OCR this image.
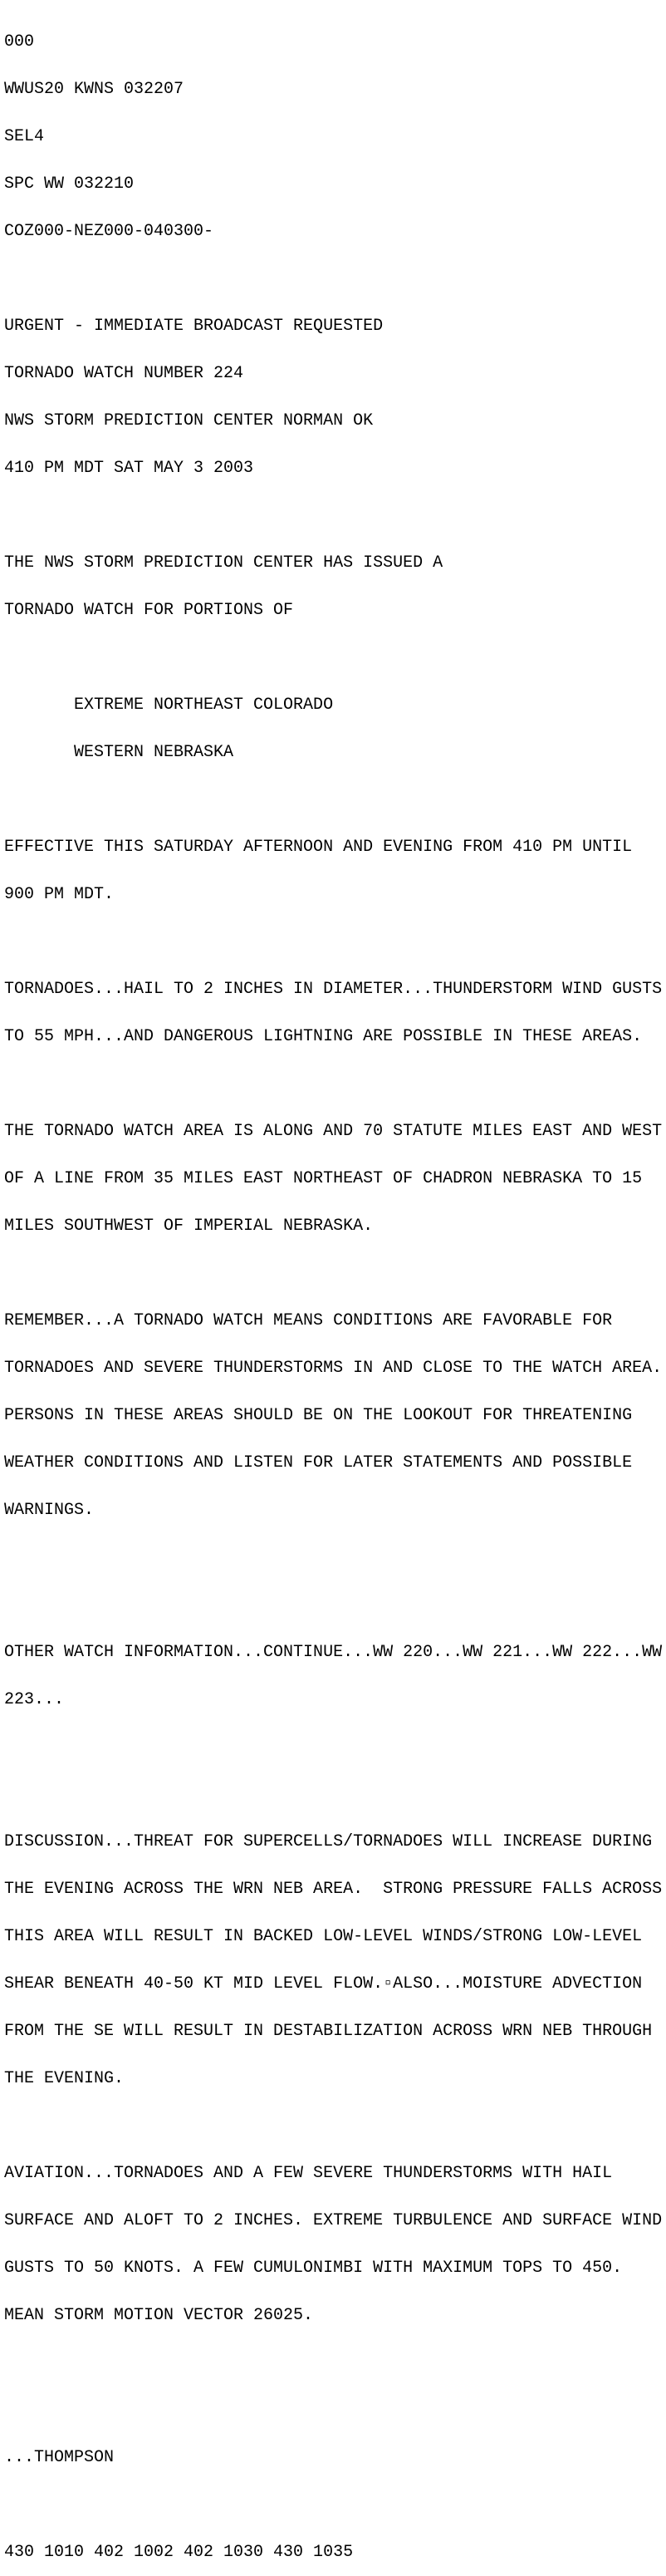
000

WWUS20 KWNS 032207

SEL4

SPC WW 032210

COZ000-NEZ000-040300-

URGENT - IMMEDIATE BROADCAST REQUESTED

TORNADO WATCH NUMBER 224

NWS STORM PREDICTION CENTER NORMAN OK

410 PM MDT SAT MAY 3 2003

THE NWS STORM PREDICTION CENTER HAS ISSUED A

TORNADO WATCH FOR PORTIONS OF

EXTREME NORTHEAST COLORADO

WESTERN NEBRASKA

EFFECTIVE THIS SATURDAY AFTERNOON AND EVENING FROM 410 PM UNTIL

900 PM MDT.

TORNADOES...HAIL TO 2 INCHES IN DIAMETER...THUNDERSTORM WIND GUSTS

TO 55 MPH...AND DANGEROUS LIGHTNING ARE POSSIBLE IN THESE AREAS.

THE TORNADO WATCH AREA IS ALONG AND 70 STATUTE MILES EAST AND WEST

OF A LINE FROM 35 MILES EAST NORTHEAST OF CHADRON NEBRASKA TO 15

MILES SOUTHWEST OF IMPERIAL NEBRASKA.

REMEMBER...A TORNADO WATCH MEANS CONDITIONS ARE FAVORABLE FOR

TORNADOES AND SEVERE THUNDERSTORMS IN AND CLOSE TO THE WATCH AREA.

PERSONS IN THESE AREAS SHOULD BE ON THE LOOKOUT FOR THREATENING

WEATHER CONDITIONS AND LISTEN FOR LATER STATEMENTS AND POSSIBLE

WARNINGS.

OTHER WATCH INFORMATION...CONTINUE...WW 220...WW 221...WW 222...WW

223...

DISCUSSION...THREAT FOR SUPERCELLS/TORNADOES WILL INCREASE DURING

THE EVENING ACROSS THE WRN NEB AREA.  STRONG PRESSURE FALLS ACROSS

THIS AREA WILL RESULT IN BACKED LOW-LEVEL WINDS/STRONG LOW-LEVEL

SHEAR BENEATH 40-50 KT MID LEVEL FLOW.▫ALSO...MOISTURE ADVECTION

FROM THE SE WILL RESULT IN DESTABILIZATION ACROSS WRN NEB THROUGH

THE EVENING.

AVIATION...TORNADOES AND A FEW SEVERE THUNDERSTORMS WITH HAIL

SURFACE AND ALOFT TO 2 INCHES. EXTREME TURBULENCE AND SURFACE WIND

GUSTS TO 50 KNOTS. A FEW CUMULONIMBI WITH MAXIMUM TOPS TO 450.

MEAN STORM MOTION VECTOR 26025.

...THOMPSON

430 1010 402 1002 402 1030 430 1035
